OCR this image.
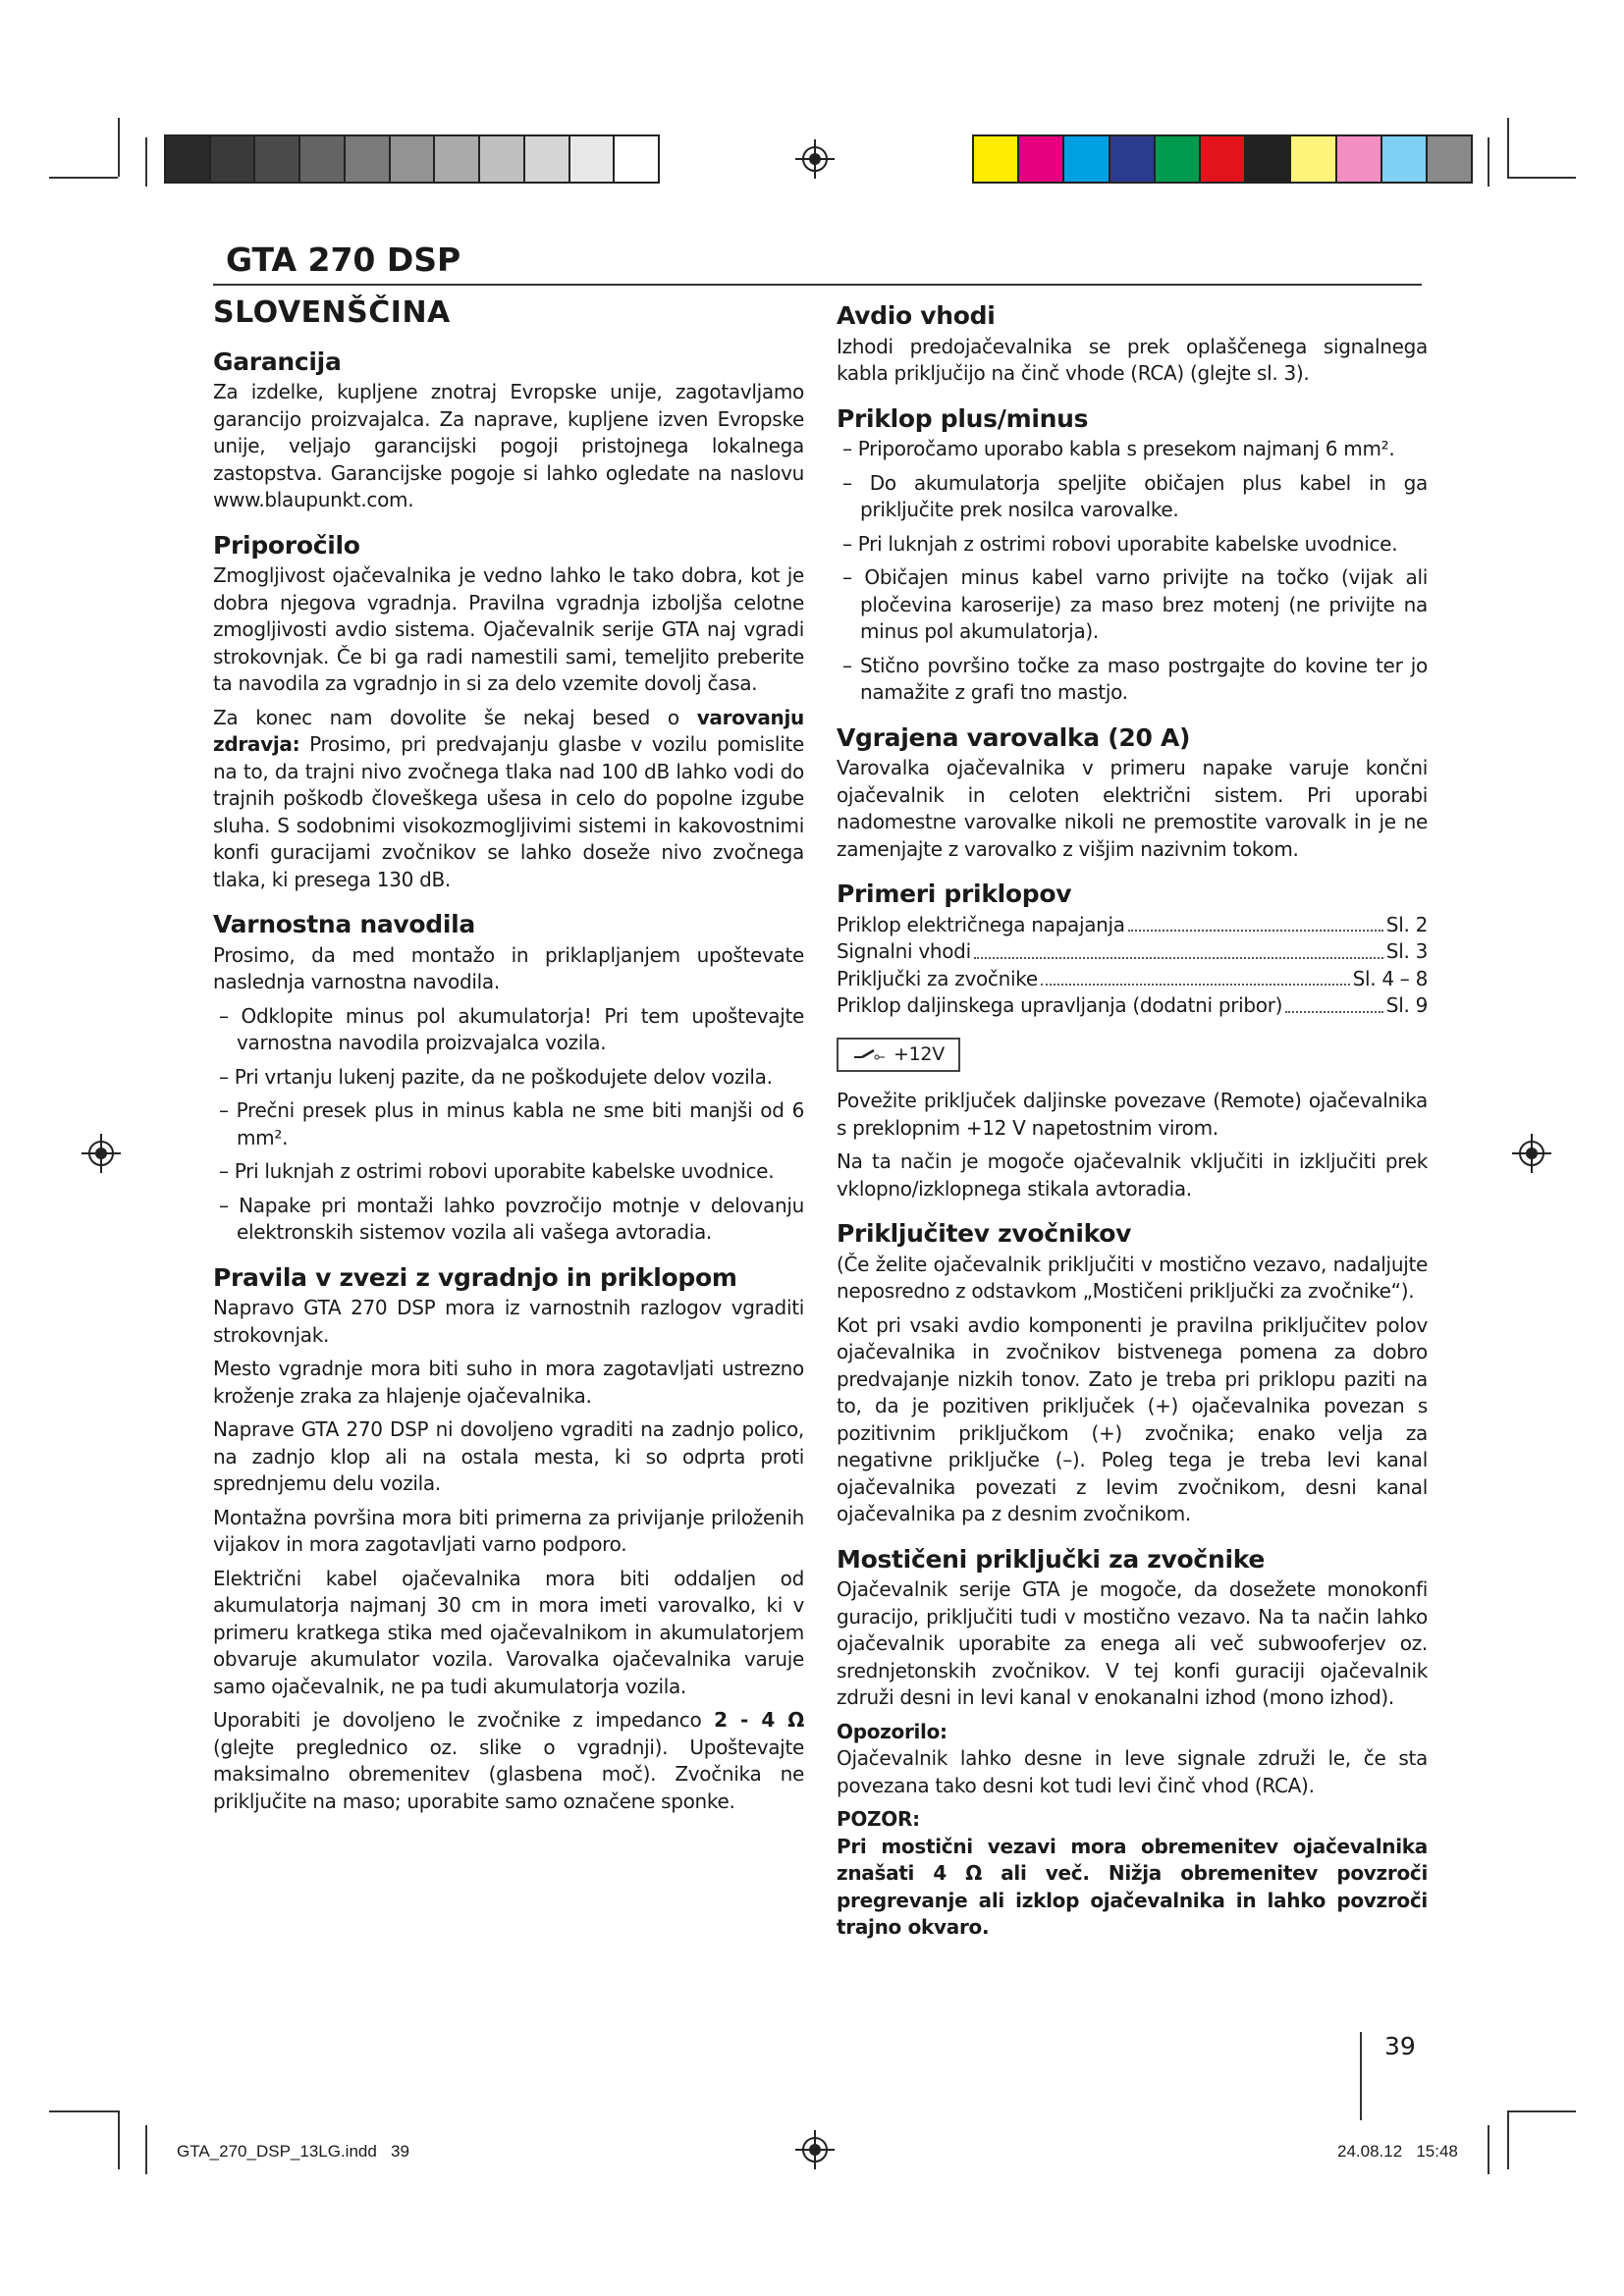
GTA 270 DSP
SLOVENŠČINA
Garancija

Za izdelke, kupljene znotraj Evropske unije, zagotavljamo garancijo proizvajalca. Za naprave, kupljene izven Evropske unije, veljajo garancijski pogoji pristojnega lokalnega zastopstva. Garancijske pogoje si lahko ogledate na naslovu www.blaupunkt.com.

Priporočilo

Zmogljivost ojačevalnika je vedno lahko le tako dobra, kot je dobra njegova vgradnja. Pravilna vgradnja izboljša celotne zmogljivosti avdio sistema. Ojačevalnik serije GTA naj vgradi strokovnjak. Če bi ga radi namestili sami, temeljito preberite ta navodila za vgradnjo in si za delo vzemite dovolj časa.

Za konec nam dovolite še nekaj besed o varovanju zdravja: Prosimo, pri predvajanju glasbe v vozilu pomislite na to, da trajni nivo zvočnega tlaka nad 100 dB lahko vodi do trajnih poškodb človeškega ušesa in celo do popolne izgube sluha. S sodobnimi visokozmogljivimi sistemi in kakovostnimi konfi guracijami zvočnikov se lahko doseže nivo zvočnega tlaka, ki presega 130 dB.

Varnostna navodila

Prosimo, da med montažo in priklapljanjem upoštevate naslednja varnostna navodila.

– Odklopite minus pol akumulatorja! Pri tem upoštevajte varnostna navodila proizvajalca vozila.
– Pri vrtanju lukenj pazite, da ne poškodujete delov vozila.
– Prečni presek plus in minus kabla ne sme biti manjši od 6 mm².
– Pri luknjah z ostrimi robovi uporabite kabelske uvodnice.
– Napake pri montaži lahko povzročijo motnje v delovanju elektronskih sistemov vozila ali vašega avtoradia.
Pravila v zvezi z vgradnjo in priklopom

Napravo GTA 270 DSP mora iz varnostnih razlogov vgraditi strokovnjak.

Mesto vgradnje mora biti suho in mora zagotavljati ustrezno kroženje zraka za hlajenje ojačevalnika.

Naprave GTA 270 DSP ni dovoljeno vgraditi na zadnjo polico, na zadnjo klop ali na ostala mesta, ki so odprta proti sprednjemu delu vozila.

Montažna površina mora biti primerna za privijanje priloženih vijakov in mora zagotavljati varno podporo.

Električni kabel ojačevalnika mora biti oddaljen od akumulatorja najmanj 30 cm in mora imeti varovalko, ki v primeru kratkega stika med ojačevalnikom in akumulatorjem obvaruje akumulator vozila. Varovalka ojačevalnika varuje samo ojačevalnik, ne pa tudi akumulatorja vozila.

Uporabiti je dovoljeno le zvočnike z impedanco 2 - 4 Ω (glejte preglednico oz. slike o vgradnji). Upoštevajte maksimalno obremenitev (glasbena moč). Zvočnika ne priključite na maso; uporabite samo označene sponke.

Avdio vhodi

Izhodi predojačevalnika se prek oplaščenega signalnega kabla priključijo na činč vhode (RCA) (glejte sl. 3).

Priklop plus/minus
– Priporočamo uporabo kabla s presekom najmanj 6 mm².
– Do akumulatorja speljite običajen plus kabel in ga priključite prek nosilca varovalke.
– Pri luknjah z ostrimi robovi uporabite kabelske uvodnice.
– Običajen minus kabel varno privijte na točko (vijak ali pločevina karoserije) za maso brez motenj (ne privijte na minus pol akumulatorja).
– Stično površino točke za maso postrgajte do kovine ter jo namažite z grafi tno mastjo.
Vgrajena varovalka (20 A)

Varovalka ojačevalnika v primeru napake varuje končni ojačevalnik in celoten električni sistem. Pri uporabi nadomestne varovalke nikoli ne premostite varovalk in je ne zamenjajte z varovalko z višjim nazivnim tokom.

Primeri priklopov
Priklop električnega napajanja	Sl. 2
Signalni vhodi	Sl. 3
Priključki za zvočnike	Sl. 4 – 8
Priklop daljinskega upravljanja (dodatni pribor)	Sl. 9
+12V

Povežite priključek daljinske povezave (Remote) ojačevalnika s preklopnim +12 V napetostnim virom.

Na ta način je mogoče ojačevalnik vključiti in izključiti prek vklopno/izklopnega stikala avtoradia.

Priključitev zvočnikov

(Če želite ojačevalnik priključiti v mostično vezavo, nadaljujte neposredno z odstavkom „Mostičeni priključki za zvočnike“).

Kot pri vsaki avdio komponenti je pravilna priključitev polov ojačevalnika in zvočnikov bistvenega pomena za dobro predvajanje nizkih tonov. Zato je treba pri priklopu paziti na to, da je pozitiven priključek (+) ojačevalnika povezan s pozitivnim priključkom (+) zvočnika; enako velja za negativne priključke (–). Poleg tega je treba levi kanal ojačevalnika povezati z levim zvočnikom, desni kanal ojačevalnika pa z desnim zvočnikom.

Mostičeni priključki za zvočnike

Ojačevalnik serije GTA je mogoče, da dosežete monokonfi guracijo, priključiti tudi v mostično vezavo. Na ta način lahko ojačevalnik uporabite za enega ali več subwooferjev oz. srednjetonskih zvočnikov. V tej konfi guraciji ojačevalnik združi desni in levi kanal v enokanalni izhod (mono izhod).

Opozorilo:

Ojačevalnik lahko desne in leve signale združi le, če sta povezana tako desni kot tudi levi činč vhod (RCA).

POZOR:

Pri mostični vezavi mora obremenitev ojačevalnika znašati 4 Ω ali več. Nižja obremenitev povzroči pregrevanje ali izklop ojačevalnika in lahko povzroči trajno okvaro.

39
GTA_270_DSP_13LG.indd   39	24.08.12   15:48
